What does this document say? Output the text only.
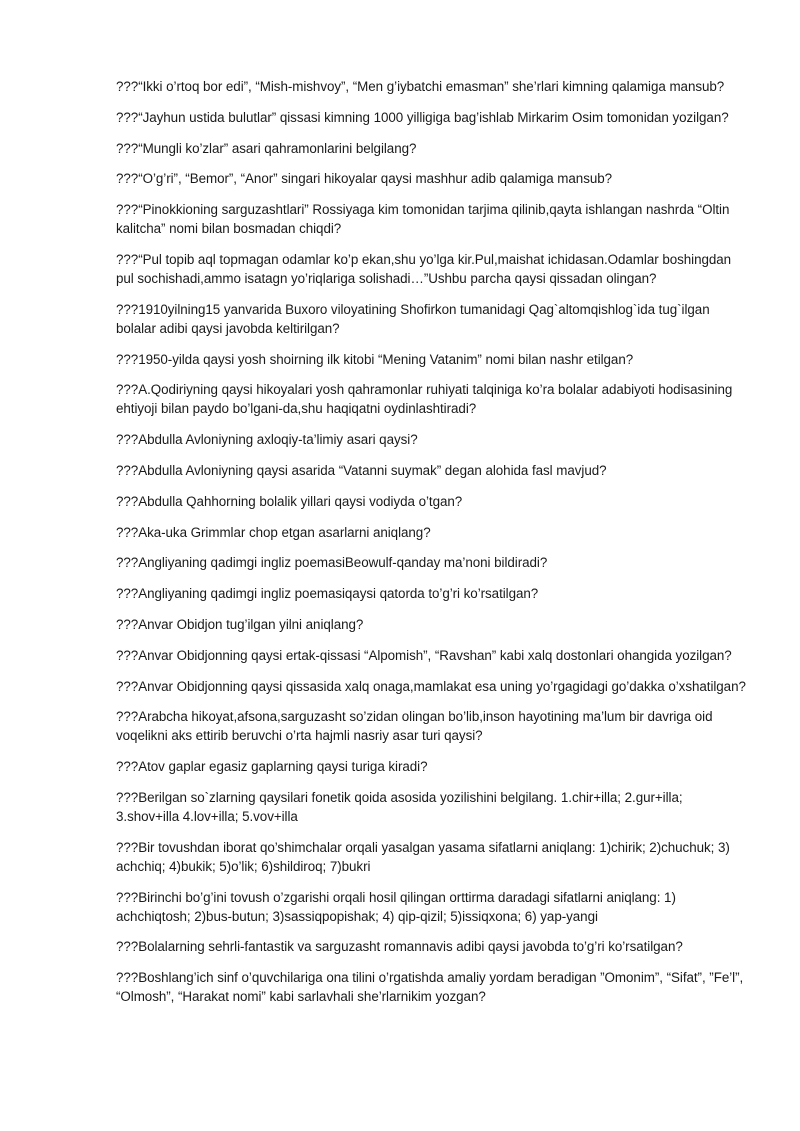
???“Ikki o’rtoq bor edi”, “Mish-mishvoy”, “Men g’iybatchi emasman” she’rlari kimning qalamiga mansub?

???“Jayhun ustida bulutlar” qissasi kimning 1000 yilligiga bag’ishlab Mirkarim Osim tomonidan yozilgan?

???“Mungli ko’zlar” asari qahramonlarini belgilang?

???“O’g’ri”, “Bemor”, “Anor” singari hikoyalar qaysi mashhur adib qalamiga mansub?

???“Pinokkioning sarguzashtlari” Rossiyaga kim tomonidan tarjima qilinib,qayta ishlangan nashrda “Oltin kalitcha” nomi bilan bosmadan chiqdi?

???“Pul topib aql topmagan odamlar ko’p ekan,shu yo’lga kir.Pul,maishat ichidasan.Odamlar boshingdan pul sochishadi,ammo isatagn yo’riqlariga solishadi…”Ushbu parcha qaysi qissadan olingan?

???1910yilning15 yanvarida Buxoro viloyatining Shofirkon tumanidagi Qag`altomqishlog`ida tug`ilgan bolalar adibi qaysi javobda keltirilgan?

???1950-yilda qaysi yosh shoirning ilk kitobi “Mening Vatanim” nomi bilan nashr etilgan?

???A.Qodiriyning qaysi hikoyalari yosh qahramonlar ruhiyati talqiniga ko’ra bolalar adabiyoti hodisasining ehtiyoji bilan paydo bo’lgani-da,shu haqiqatni oydinlashtiradi?

???Abdulla Avloniyning axloqiy-ta’limiy asari qaysi?

???Abdulla Avloniyning qaysi asarida “Vatanni suymak” degan alohida fasl mavjud?

???Abdulla Qahhorning bolalik yillari qaysi vodiyda o’tgan?

???Aka-uka Grimmlar chop etgan asarlarni aniqlang?

???Angliyaning qadimgi ingliz poemasiBeowulf-qanday ma’noni bildiradi?

???Angliyaning qadimgi ingliz poemasiqaysi qatorda to’g’ri ko’rsatilgan?

???Anvar Obidjon tug’ilgan yilni aniqlang?

???Anvar Obidjonning qaysi ertak-qissasi “Alpomish”, “Ravshan” kabi xalq dostonlari ohangida yozilgan?

???Anvar Obidjonning qaysi qissasida xalq onaga,mamlakat esa uning yo’rgagidagi go’dakka o’xshatilgan?

???Arabcha hikoyat,afsona,sarguzasht so’zidan olingan bo’lib,inson hayotining ma’lum bir davriga oid voqelikni aks ettirib beruvchi o’rta hajmli nasriy asar turi qaysi?

???Atov gaplar egasiz gaplarning qaysi turiga kiradi?

???Berilgan so`zlarning qaysilari fonetik qoida asosida yozilishini belgilang. 1.chir+illa; 2.gur+illa; 3.shov+illa 4.lov+illa; 5.vov+illa

???Bir tovushdan iborat qo’shimchalar orqali yasalgan yasama sifatlarni aniqlang: 1)chirik; 2)chuchuk; 3) achchiq; 4)bukik; 5)o’lik; 6)shildiroq; 7)bukri

???Birinchi bo’g’ini tovush o’zgarishi orqali hosil qilingan orttirma daradagi sifatlarni aniqlang: 1) achchiqtosh; 2)bus-butun; 3)sassiqpopishak; 4) qip-qizil; 5)issiqxona; 6) yap-yangi

???Bolalarning sehrli-fantastik va sarguzasht romannavis adibi qaysi javobda to’g’ri ko’rsatilgan?

???Boshlang’ich sinf o’quvchilariga ona tilini o’rgatishda amaliy yordam beradigan ”Omonim”, “Sifat”, ”Fe’l”, “Olmosh”, “Harakat nomi” kabi sarlavhali she’rlarnikim yozgan?
